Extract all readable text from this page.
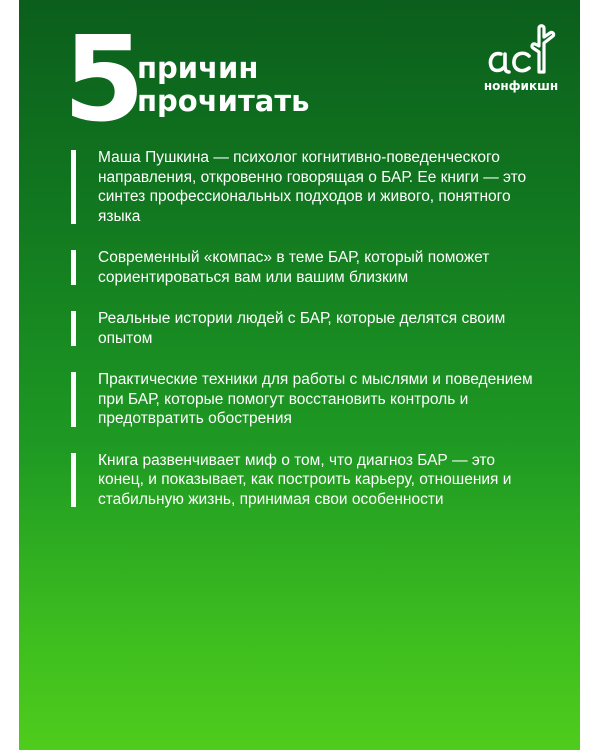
5
причин
прочитать	нонфикшн
Маша Пушкина — психолог когнитивно-поведенческого направления, откровенно говорящая о БАР. Ее книги — это синтез профессиональных подходов и живого, понятного языка
Современный «компас» в теме БАР, который поможет сориентироваться вам или вашим близким
Реальные истории людей с БАР, которые делятся своим опытом
Практические техники для работы с мыслями и поведением при БАР, которые помогут восстановить контроль и предотвратить обострения
Книга развенчивает миф о том, что диагноз БАР — это конец, и показывает, как построить карьеру, отношения и стабильную жизнь, принимая свои особенности
